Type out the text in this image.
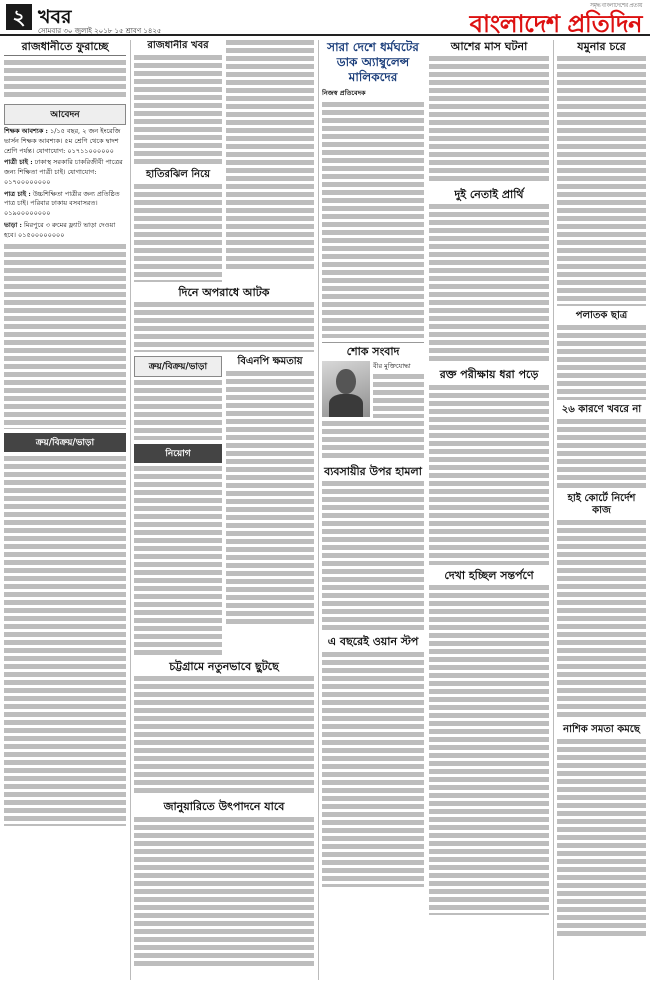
২ খবর
সোমবার ৩০ জুলাই ২০১৮ ১৫ শ্রাবণ ১৪২৫	বাংলাদেশ প্রতিদিন
সমৃদ্ধ বাংলাদেশের প্রত্যয়
রাজধানীতে ফুরাচ্ছে
আবেদন

শিক্ষক আবশ্যক : ১/১৫ বছর, ২ জন ইংরেজি ভার্সন শিক্ষক আবশ্যক। ৫ম শ্রেণি থেকে দ্বাদশ শ্রেণি পর্যন্ত। যোগাযোগ: ০১৭১১০০০০০০

পাত্রী চাই : ঢাকাস্থ সরকারি চাকরিজীবী পাত্রের জন্য শিক্ষিতা পাত্রী চাই। যোগাযোগ: ০১৭০০০০০০০০

পাত্র চাই : উচ্চশিক্ষিতা পাত্রীর জন্য প্রতিষ্ঠিত পাত্র চাই। পরিবার ঢাকায় বসবাসরত। ০১৯০০০০০০০০

ভাড়া : মিরপুরে ৩ রুমের ফ্ল্যাট ভাড়া দেওয়া হবে। ০১৫০০০০০০০০

ক্রয়/বিক্রয়/ভাড়া
রাজধানীর খবর
হাতিরঝিল নিয়ে
দিনে অপরাধে আটক
ক্রয়/বিক্রয়/ভাড়া
নিয়োগ
বিএনপি ক্ষমতায়
চট্টগ্রামে নতুনভাবে ছুটছে
জানুয়ারিতে উৎপাদনে যাবে
সারা দেশে ধর্মঘটের ডাক অ্যাম্বুলেন্স মালিকদের
নিজস্ব প্রতিবেদক
শোক সংবাদ
বীর মুক্তিযোদ্ধা
ব্যবসায়ীর উপর হামলা
এ বছরেই ওয়ান স্টপ
আশের মাস ঘটনা
দুই নেতাই প্রার্থি
রক্ত পরীক্ষায় ধরা পড়ে
দেখা হচ্ছিল সন্তর্পণে
যমুনার চরে
পলাতক ছাত্র
২৬ কারণে খবরে না
হাই কোর্টে নির্দেশ কাজ
নাশিক সমতা কমছে
